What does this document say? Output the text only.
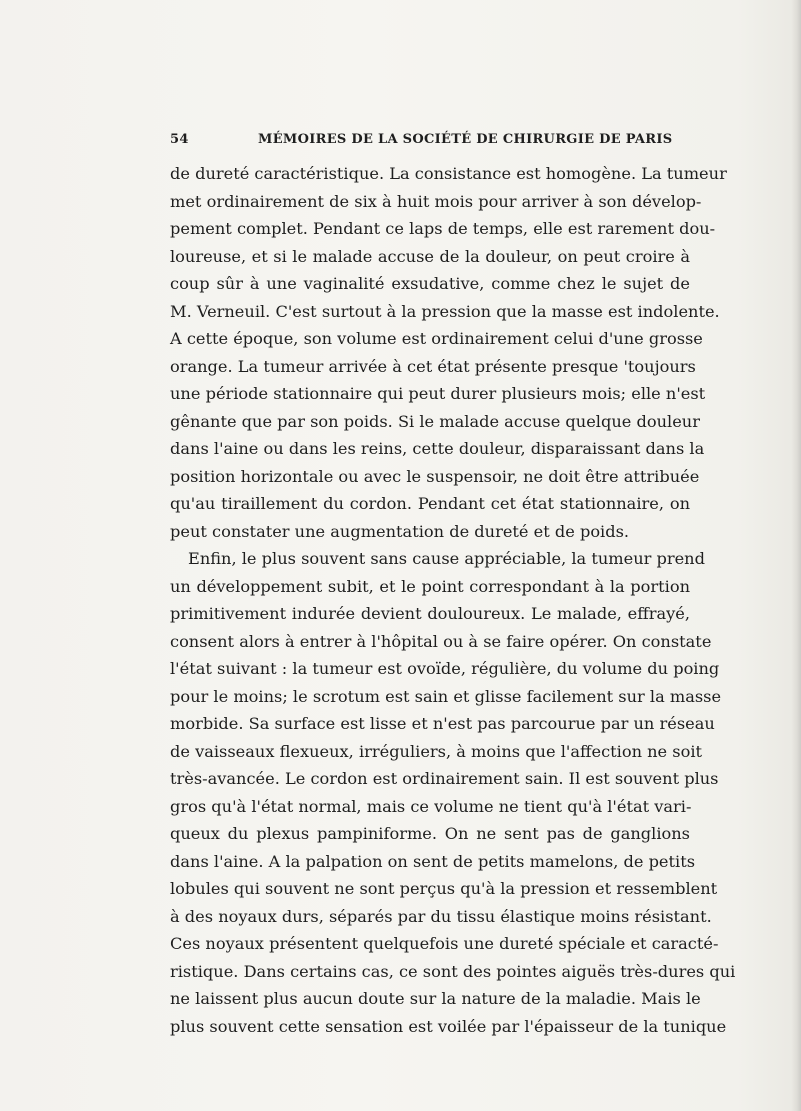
54	MÉMOIRES DE LA SOCIÉTÉ DE CHIRURGIE DE PARIS
de dureté caractéristique. La consistance est homogène. La tumeur
met ordinairement de six à huit mois pour arriver à son dévelop-
pement complet. Pendant ce laps de temps, elle est rarement dou-
loureuse, et si le malade accuse de la douleur, on peut croire à
coup sûr à une vaginalité exsudative, comme chez le sujet de
M. Verneuil. C'est surtout à la pression que la masse est indolente.
A cette époque, son volume est ordinairement celui d'une grosse
orange. La tumeur arrivée à cet état présente presque 'toujours
une période stationnaire qui peut durer plusieurs mois; elle n'est
gênante que par son poids. Si le malade accuse quelque douleur
dans l'aine ou dans les reins, cette douleur, disparaissant dans la
position horizontale ou avec le suspensoir, ne doit être attribuée
qu'au tiraillement du cordon. Pendant cet état stationnaire, on
peut constater une augmentation de dureté et de poids.
Enfin, le plus souvent sans cause appréciable, la tumeur prend
un développement subit, et le point correspondant à la portion
primitivement indurée devient douloureux. Le malade, effrayé,
consent alors à entrer à l'hôpital ou à se faire opérer. On constate
l'état suivant : la tumeur est ovoïde, régulière, du volume du poing
pour le moins; le scrotum est sain et glisse facilement sur la masse
morbide. Sa surface est lisse et n'est pas parcourue par un réseau
de vaisseaux flexueux, irréguliers, à moins que l'affection ne soit
très-avancée. Le cordon est ordinairement sain. Il est souvent plus
gros qu'à l'état normal, mais ce volume ne tient qu'à l'état vari-
queux du plexus pampiniforme. On ne sent pas de ganglions
dans l'aine. A la palpation on sent de petits mamelons, de petits
lobules qui souvent ne sont perçus qu'à la pression et ressemblent
à des noyaux durs, séparés par du tissu élastique moins résistant.
Ces noyaux présentent quelquefois une dureté spéciale et caracté-
ristique. Dans certains cas, ce sont des pointes aiguës très-dures qui
ne laissent plus aucun doute sur la nature de la maladie. Mais le
plus souvent cette sensation est voilée par l'épaisseur de la tunique
